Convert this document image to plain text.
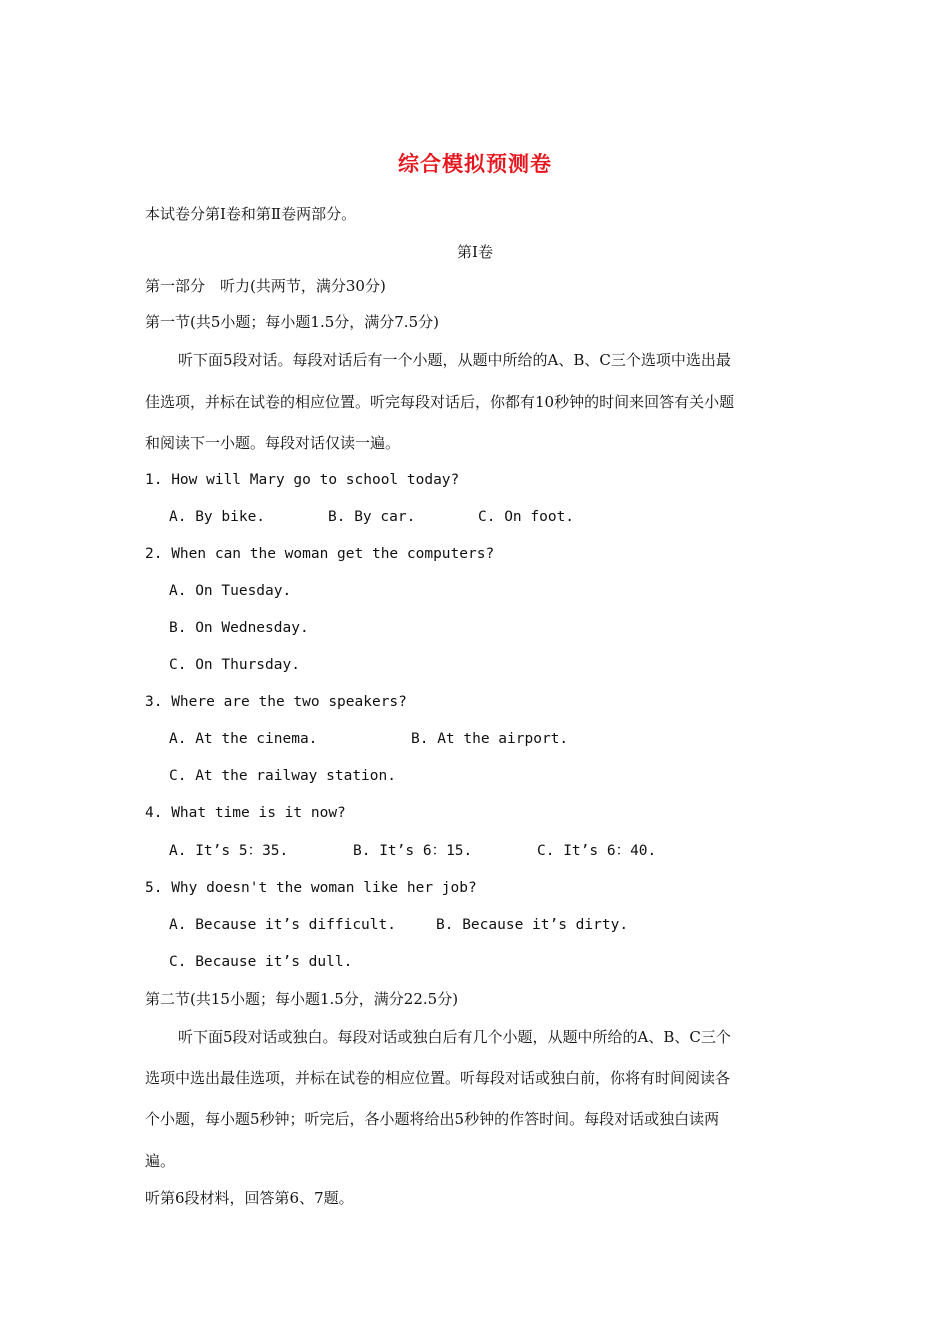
综合模拟预测卷
本试卷分第Ⅰ卷和第Ⅱ卷两部分。
第Ⅰ卷
第一部分　听力(共两节，满分30分)
第一节(共5小题；每小题1.5分，满分7.5分)
听下面5段对话。每段对话后有一个小题，从题中所给的A、B、C三个选项中选出最
佳选项，并标在试卷的相应位置。听完每段对话后，你都有10秒钟的时间来回答有关小题
和阅读下一小题。每段对话仅读一遍。
1. How will Mary go to school today?
A. By bike.	B. By car.	C. On foot.
2. When can the woman get the computers?
A. On Tuesday.
B. On Wednesday.
C. On Thursday.
3. Where are the two speakers?
A. At the cinema.	B. At the airport.
C. At the railway station.
4. What time is it now?
A. It’s 5：35.	B. It’s 6：15.	C. It’s 6：40.
5. Why doesn't the woman like her job?
A. Because it’s difficult.	B. Because it’s dirty.
C. Because it’s dull.
第二节(共15小题；每小题1.5分，满分22.5分)
听下面5段对话或独白。每段对话或独白后有几个小题，从题中所给的A、B、C三个
选项中选出最佳选项，并标在试卷的相应位置。听每段对话或独白前，你将有时间阅读各
个小题，每小题5秒钟；听完后，各小题将给出5秒钟的作答时间。每段对话或独白读两
遍。
听第6段材料，回答第6、7题。
